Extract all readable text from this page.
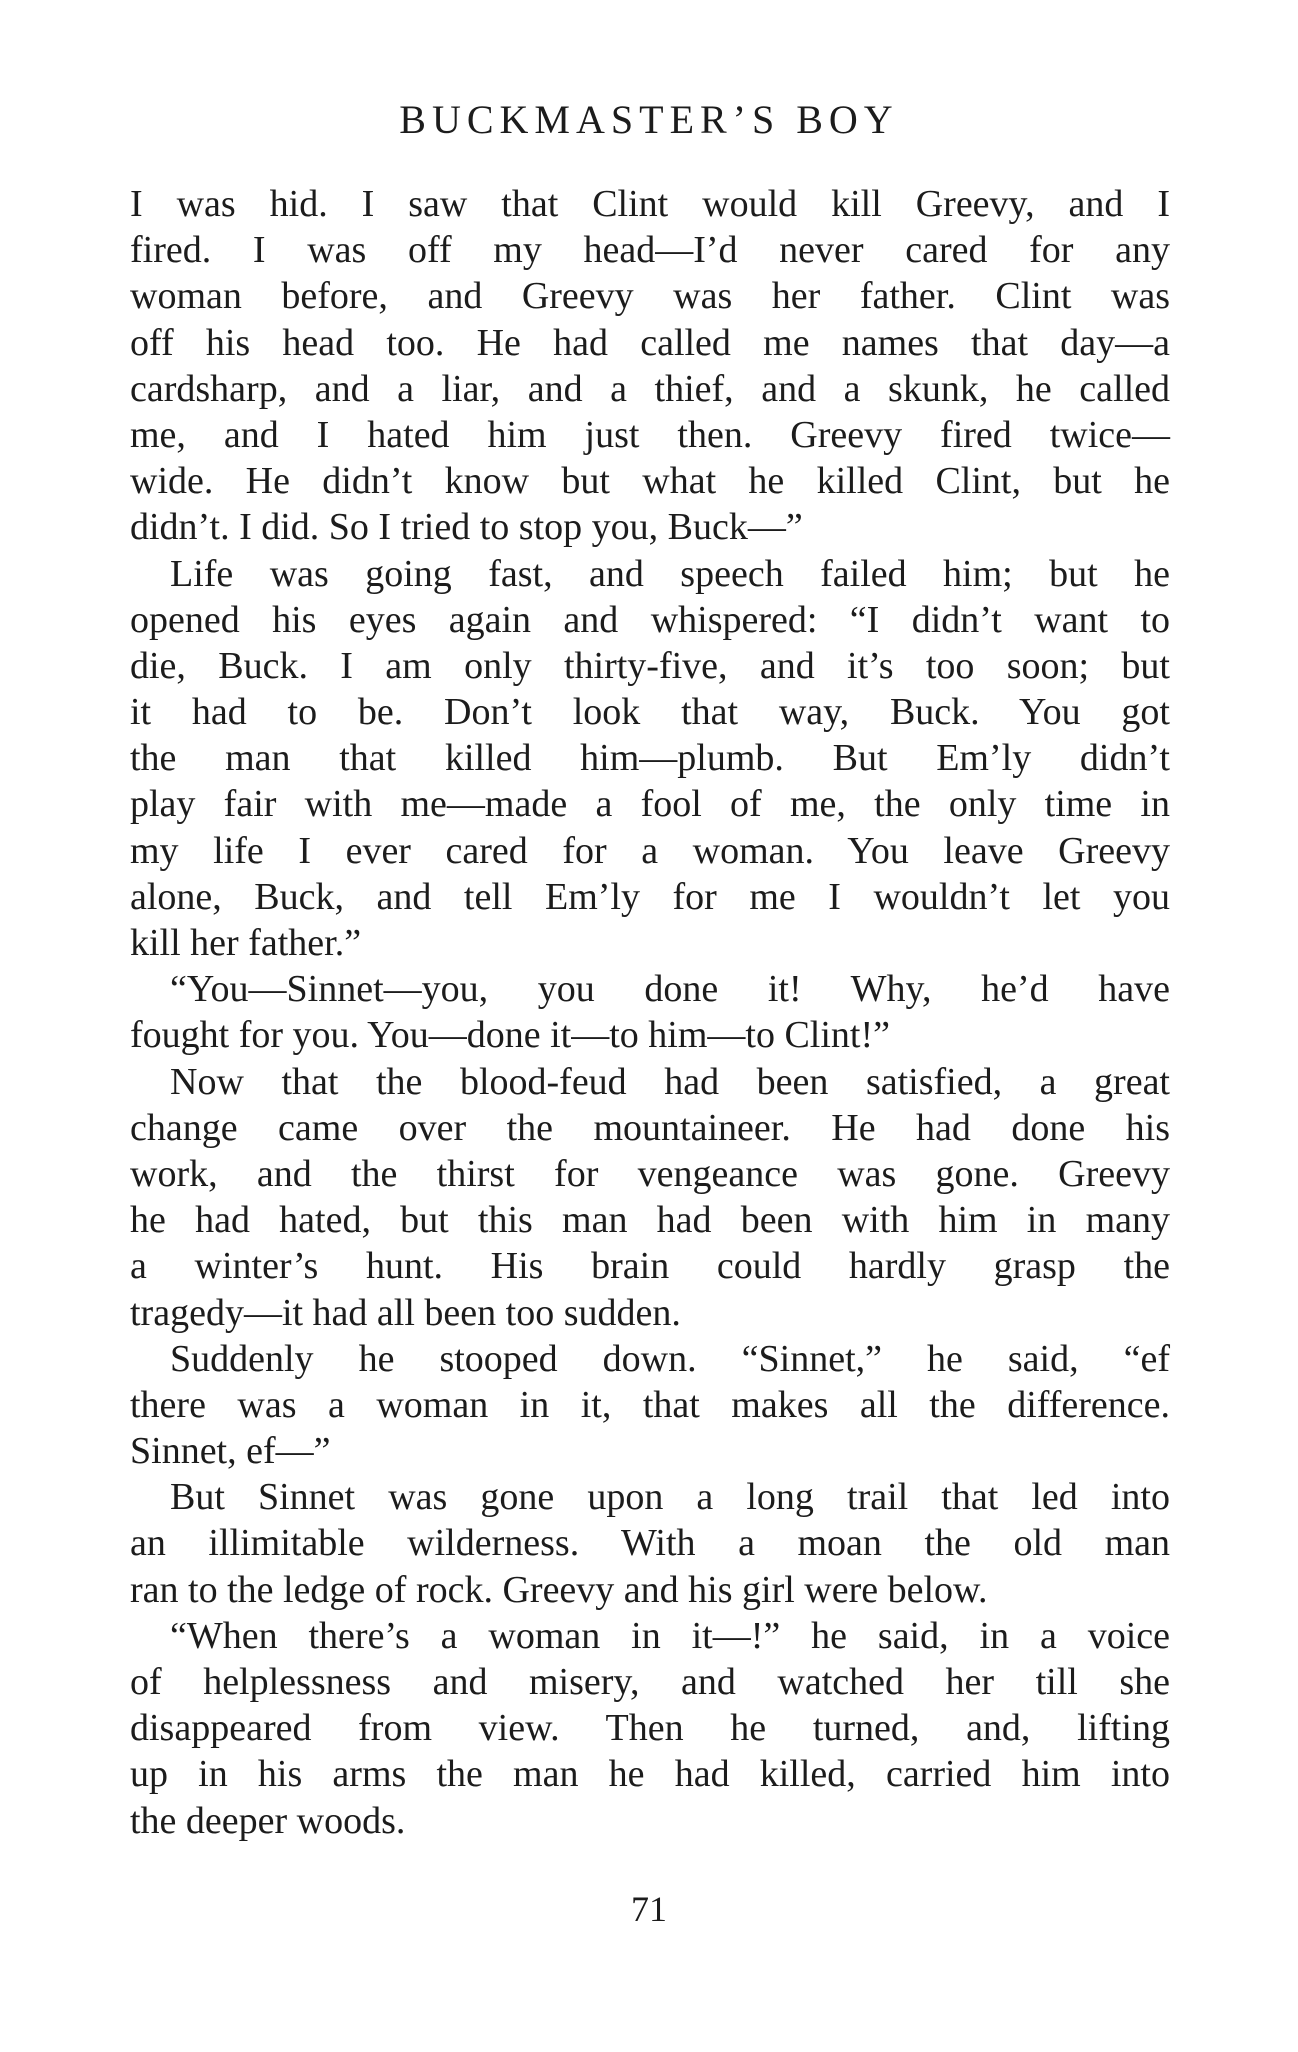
BUCKMASTER’S BOY
I was hid. I saw that Clint would kill Greevy, and I
fired. I was off my head—I’d never cared for any
woman before, and Greevy was her father. Clint was
off his head too. He had called me names that day—a
cardsharp, and a liar, and a thief, and a skunk, he called
me, and I hated him just then. Greevy fired twice—
wide. He didn’t know but what he killed Clint, but he
didn’t. I did. So I tried to stop you, Buck—”
Life was going fast, and speech failed him; but he
opened his eyes again and whispered: “I didn’t want to
die, Buck. I am only thirty-five, and it’s too soon; but
it had to be. Don’t look that way, Buck. You got
the man that killed him—plumb. But Em’ly didn’t
play fair with me—made a fool of me, the only time in
my life I ever cared for a woman. You leave Greevy
alone, Buck, and tell Em’ly for me I wouldn’t let you
kill her father.”
“You—Sinnet—you, you done it! Why, he’d have
fought for you. You—done it—to him—to Clint!”
Now that the blood-feud had been satisfied, a great
change came over the mountaineer. He had done his
work, and the thirst for vengeance was gone. Greevy
he had hated, but this man had been with him in many
a winter’s hunt. His brain could hardly grasp the
tragedy—it had all been too sudden.
Suddenly he stooped down. “Sinnet,” he said, “ef
there was a woman in it, that makes all the difference.
Sinnet, ef—”
But Sinnet was gone upon a long trail that led into
an illimitable wilderness. With a moan the old man
ran to the ledge of rock. Greevy and his girl were below.
“When there’s a woman in it—!” he said, in a voice
of helplessness and misery, and watched her till she
disappeared from view. Then he turned, and, lifting
up in his arms the man he had killed, carried him into
the deeper woods.
71
